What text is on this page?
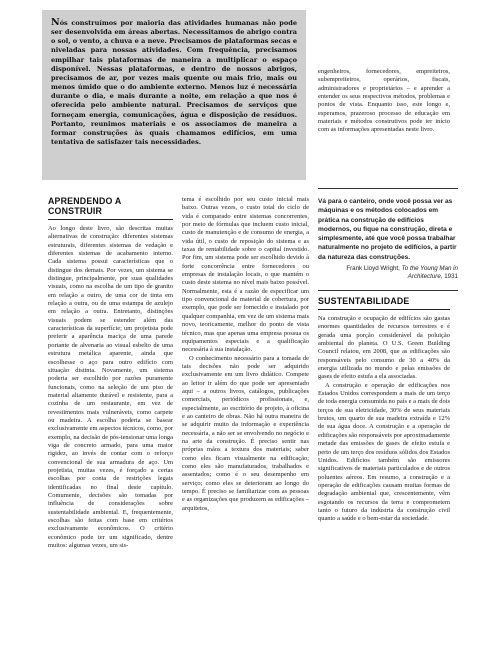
Nós construímos por maioria das atividades humanas não pode ser desenvolvida em áreas abertas. Necessitamos de abrigo contra o sol, o vento, a chuva e a neve. Precisamos de plataformas secas e niveladas para nossas atividades. Com frequência, precisamos empilhar tais plataformas de maneira a multiplicar o espaço disponível. Nessas plataformas, e dentro de nossos abrigos, precisamos de ar, por vezes mais quente ou mais frio, mais ou menos úmido que o do ambiente externo. Menos luz é necessária durante o dia, e mais durante a noite, em relação a que nos é oferecida pelo ambiente natural. Precisamos de serviços que forneçam energia, comunicações, água e disposição de resíduos. Portanto, reunimos materiais e os associamos de maneira a formar construções às quais chamamos edifícios, em uma tentativa de satisfazer tais necessidades.
engenheiros, fornecedores, empreiteiros, subempreiteiros, operários, fiscais, administradores e proprietários – e aprender a entender os seus respectivos métodos, problemas e pontos de vista. Enquanto isso, este longo e, esperamos, prazeroso processo de educação em materiais e métodos construtivos pode ter início com as informações apresentadas neste livro.
Vá para o canteiro, onde você possa ver as máquinas e os métodos colocados em prática na construção de edifícios modernos, ou fique na construção, direta e simplesmente, até que você possa trabalhar naturalmente no projeto de edifícios, a partir da natureza das construções.
Frank Lloyd Wright, To the Young Man in Architecture, 1931
APRENDENDO A CONSTRUIR

Ao longo deste livro, são descritas muitas alternativas de construção: diferentes sistemas estruturais, diferentes sistemas de vedação e diferentes sistemas de acabamento interno. Cada sistema possui características que o distingue dos demais. Por vezes, um sistema se distingue, principalmente, por suas qualidades visuais, como na escolha de um tipo de granito em relação a outro, de uma cor de tinta em relação a outra, ou de uma estampa de azulejo em relação a outra. Entretanto, distinções visuais podem se estender além das características da superfície; um projetista pode preferir a aparência maciça de uma parede portante de alvenaria ao visual esbelto de uma estrutura metálica aparente, ainda que escolhesse o aço para outro edifício com situação distinta. Novamente, um sistema poderia ser escolhido por razões puramente funcionais, como na seleção de um piso de material altamente durável e resistente, para a cozinha de um restaurante, em vez de revestimentos mais vulneráveis, como carpete ou madeira. A escolha poderia se basear exclusivamente em aspectos técnicos, como, por exemplo, na decisão de pós-tensionar uma longa viga de concreto armado, para uma maior rigidez, ao invés de contar com o reforço convencional de sua armadura de aço. Um projetista, muitas vezes, é forçado a certas escolhas por conta de restrições legais identificadas no final deste capítulo. Comumente, decisões são tomadas por influência de considerações sobre sustentabilidade ambiental. E, frequentemente, escolhas são feitas com base em critérios exclusivamente econômicos. O critério econômico pode ter um significado, dentre muitos: algumas vezes, um sis-

tema é escolhido por seu custo inicial mais baixo. Outras vezes, o custo total do ciclo de vida é comparado entre sistemas concorrentes, por meio de fórmulas que incluem custo inicial, custo de manutenção e de consumo de energia, a vida útil, o custo de reposição do sistema e as taxas de rentabilidade sobre o capital investido. Por fim, um sistema pode ser escolhido devido à forte concorrência entre fornecedores ou empresas de instalação locais, o que mantém o custo deste sistema no nível mais baixo possível. Normalmente, esta é a razão de especificar um tipo convencional de material de cobertura, por exemplo, que pode ser fornecido e instalado por qualquer companhia, em vez de um sistema mais novo, teoricamente, melhor do ponto de vista técnico, mas que apenas uma empresa possua os equipamentos especiais e a qualificação necessária à sua instalação.

O conhecimento necessário para a tomada de tais decisões não pode ser adquirido exclusivamente em um livro didático. Compete ao leitor ir além do que pode ser apresentado aqui – a outros livros, catálogos, publicações comerciais, periódicos profissionais, e, especialmente, ao escritório de projeto, à oficina e ao canteiro de obras. Não há outra maneira de se adquirir muito da informação e experiência necessária, a não ser se envolvendo no negócio e na arte da construção. É preciso sentir nas próprias mãos a textura dos materiais; saber como eles ficam visualmente na edificação; como eles são manufaturados, trabalhados e assentados; como é o seu desempenho em serviço; como eles se deterioram ao longo do tempo. É preciso se familiarizar com as pessoas e as organizações que produzem as edificações – arquitetos,

SUSTENTABILIDADE

Na construção e ocupação de edifícios são gastas enormes quantidades de recursos terrestres e é gerada uma porção considerável da poluição ambiental do planeta. O U.S. Green Building Council relatou, em 2008, que as edificações são responsáveis pelo consumo de 30 a 40% da energia utilizada no mundo e pelas emissões de gases de efeito estufa a ela associadas.

A construção e operação de edificações nos Estados Unidos correspondem a mais de um terço de toda energia consumida no país e a mais de dois terços de sua eletricidade, 30% de seus materiais brutos, um quarto de sua madeira extraída e 12% de sua água doce. A construção e a operação de edificações são responsáveis por aproximadamente metade das emissões de gases de efeito estufa e perto de um terço dos resíduos sólidos dos Estados Unidos. Edifícios também são emissores significativos de materiais particulados e de outros poluentes aéreos. Em resumo, a construção e a operação de edificações causam muitas formas de degradação ambiental que, crescentemente, vêm esgotando os recursos da terra e comprometem tanto o futuro da indústria da construção civil quanto a saúde e o bem-estar da sociedade.
